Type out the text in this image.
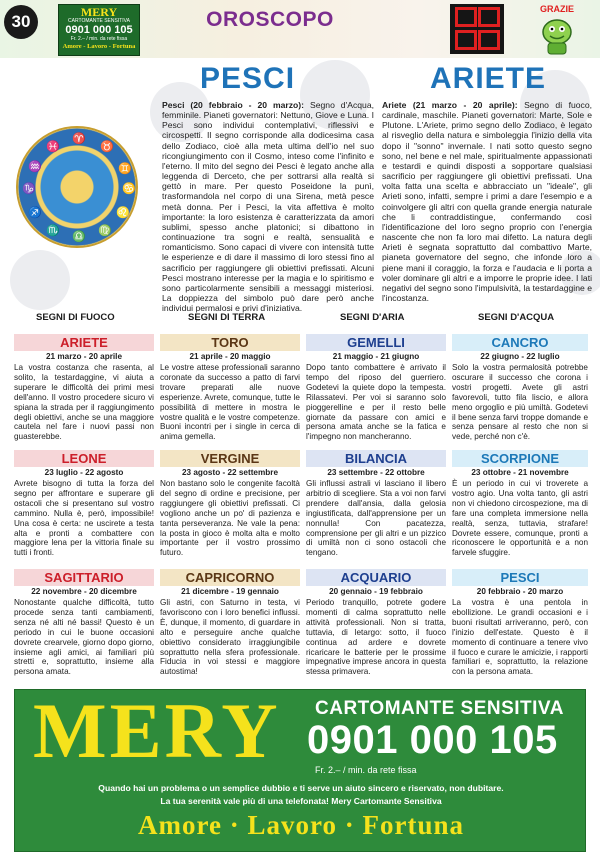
30	MERY
CARTOMANTE SENSITIVA
0901 000 105
Fr. 2.– / min. da rete fissa
Amore - Lavoro - Fortuna
OROSCOPO	GRAZIE
PESCI	ARIETE
♈
♉
♊
♋
♌
♍
♎
♏
♐
♑
♒
♓
Pesci (20 febbraio - 20 marzo): Segno d'Acqua, femminile. Pianeti governatori: Nettuno, Giove e Luna. I Pesci sono individui contemplativi, riflessivi e circospetti. Il segno corrisponde alla dodicesima casa dello Zodiaco, cioè alla meta ultima dell'io nel suo ricongiungimento con il Cosmo, inteso come l'infinito e l'eterno. Il mito del segno dei Pesci è legato anche alla leggenda di Derceto, che per sottrarsi alla realtà si gettò in mare. Per questo Poseidone la punì, trasformandola nel corpo di una Sirena, metà pesce metà donna. Per i Pesci, la vita affettiva è molto importante: la loro esistenza è caratterizzata da amori sublimi, spesso anche platonici; si dibattono in continuazione tra sogni e realtà, sensualità e romanticismo. Sono capaci di vivere con intensità tutte le esperienze e di dare il massimo di loro stessi fino al sacrificio per raggiungere gli obiettivi prefissati. Alcuni Pesci mostrano interesse per la magia e lo spiritismo e sono particolarmente sensibili a messaggi misteriosi. La doppiezza del simbolo può dare però anche individui permalosi e privi d'iniziativa.
Ariete (21 marzo - 20 aprile): Segno di fuoco, cardinale, maschile. Pianeti governatori: Marte, Sole e Plutone. L'Ariete, primo segno dello Zodiaco, è legato al risveglio della natura e simboleggia l'inizio della vita dopo il "sonno" invernale. I nati sotto questo segno sono, nel bene e nel male, spiritualmente appassionati e testardi e quindi disposti a sopportare qualsiasi sacrificio per raggiungere gli obiettivi prefissati. Una volta fatta una scelta e abbracciato un "ideale", gli Arieti sono, infatti, sempre i primi a dare l'esempio e a coinvolgere gli altri con quella grande energia naturale che li contraddistingue, confermando così l'identificazione del loro segno proprio con l'energia nascente che non fa loro mai difetto. La natura degli Arieti è segnata soprattutto dal combattivo Marte, pianeta governatore del segno, che infonde loro a piene mani il coraggio, la forza e l'audacia e li porta a voler dominare gli altri e a imporre le proprie idee. I lati negativi del segno sono l'impulsività, la testardaggine e l'incostanza.
SEGNI DI FUOCO	SEGNI DI TERRA	SEGNI D'ARIA	SEGNI D'ACQUA
ARIETE
21 marzo - 20 aprile
La vostra costanza che rasenta, al solito, la testardaggine, vi aiuta a superare le difficoltà dei primi mesi dell'anno. Il vostro procedere sicuro vi spiana la strada per il raggiungimento degli obiettivi, anche se una maggiore cautela nel fare i nuovi passi non guasterebbe.
TORO
21 aprile - 20 maggio
Le vostre attese professionali saranno coronate da successo a patto di farvi trovare preparati alle nuove esperienze. Avrete, comunque, tutte le possibilità di mettere in mostra le vostre qualità e le vostre competenze. Buoni incontri per i single in cerca di anima gemella.
GEMELLI
21 maggio - 21 giugno
Dopo tanto combattere è arrivato il tempo del riposo del guerriero. Godetevi la quiete dopo la tempesta. Rilassatevi. Per voi si saranno solo pioggerelline e per il resto belle giornate da passare con amici e persona amata anche se la fatica e l'impegno non mancheranno.
CANCRO
22 giugno - 22 luglio
Solo la vostra permalosità potrebbe oscurare il successo che corona i vostri progetti. Avete gli astri favorevoli, tutto fila liscio, e allora meno orgoglio e più umiltà. Godetevi il bene senza farvi troppe domande e senza pensare al resto che non si vede, perché non c'è.
LEONE
23 luglio - 22 agosto
Avrete bisogno di tutta la forza del segno per affrontare e superare gli ostacoli che si presentano sul vostro cammino. Nulla è, però, impossibile! Una cosa è certa: ne uscirete a testa alta e pronti a combattere con maggiore lena per la vittoria finale su tutti i fronti.
VERGINE
23 agosto - 22 settembre
Non bastano solo le congenite facoltà del segno di ordine e precisione, per raggiungere gli obiettivi prefissati. Ci vogliono anche un po' di pazienza e tanta perseveranza. Ne vale la pena: la posta in gioco è molta alta e molto importante per il vostro prossimo futuro.
BILANCIA
23 settembre - 22 ottobre
Gli influssi astrali vi lasciano il libero arbitrio di scegliere. Sta a voi non farvi prendere dall'ansia, dalla gelosia ingiustificata, dall'apprensione per un nonnulla! Con pacatezza, comprensione per gli altri e un pizzico di umiltà non ci sono ostacoli che tengano.
SCORPIONE
23 ottobre - 21 novembre
È un periodo in cui vi troverete a vostro agio. Una volta tanto, gli astri non vi chiedono circospezione, ma di fare una completa immersione nella realtà, senza, tuttavia, strafare! Dovrete essere, comunque, pronti a riconoscere le opportunità e a non farvele sfuggire.
SAGITTARIO
22 novembre - 20 dicembre
Nonostante qualche difficoltà, tutto procede senza tanti cambiamenti, senza né alti né bassi! Questo è un periodo in cui le buone occasioni dovrete crearvele, giorno dopo giorno, insieme agli amici, ai familiari più stretti e, soprattutto, insieme alla persona amata.
CAPRICORNO
21 dicembre - 19 gennaio
Gli astri, con Saturno in testa, vi favoriscono con i loro benefici influssi. È, dunque, il momento, di guardare in alto e perseguire anche qualche obiettivo considerato irraggiungibile soprattutto nella sfera professionale. Fiducia in voi stessi e maggiore autostima!
ACQUARIO
20 gennaio - 19 febbraio
Periodo tranquillo, potrete godere momenti di calma soprattutto nelle attività professionali. Non si tratta, tuttavia, di letargo: sotto, il fuoco continua ad ardere e dovrete ricaricare le batterie per le prossime impegnative imprese ancora in questa stessa primavera.
PESCI
20 febbraio - 20 marzo
La vostra è una pentola in ebollizione. Le grandi occasioni e i buoni risultati arriveranno, però, con l'inizio dell'estate. Questo è il momento di continuare a tenere vivo il fuoco e curare le amicizie, i rapporti familiari e, soprattutto, la relazione con la persona amata.
MERY CARTOMANTE SENSITIVA
0901 000 105
Fr. 2.– / min. da rete fissa
Quando hai un problema o un semplice dubbio e ti serve un aiuto sincero e riservato, non dubitare.
La tua serenità vale più di una telefonata! Mery Cartomante Sensitiva
Amore · Lavoro · Fortuna
